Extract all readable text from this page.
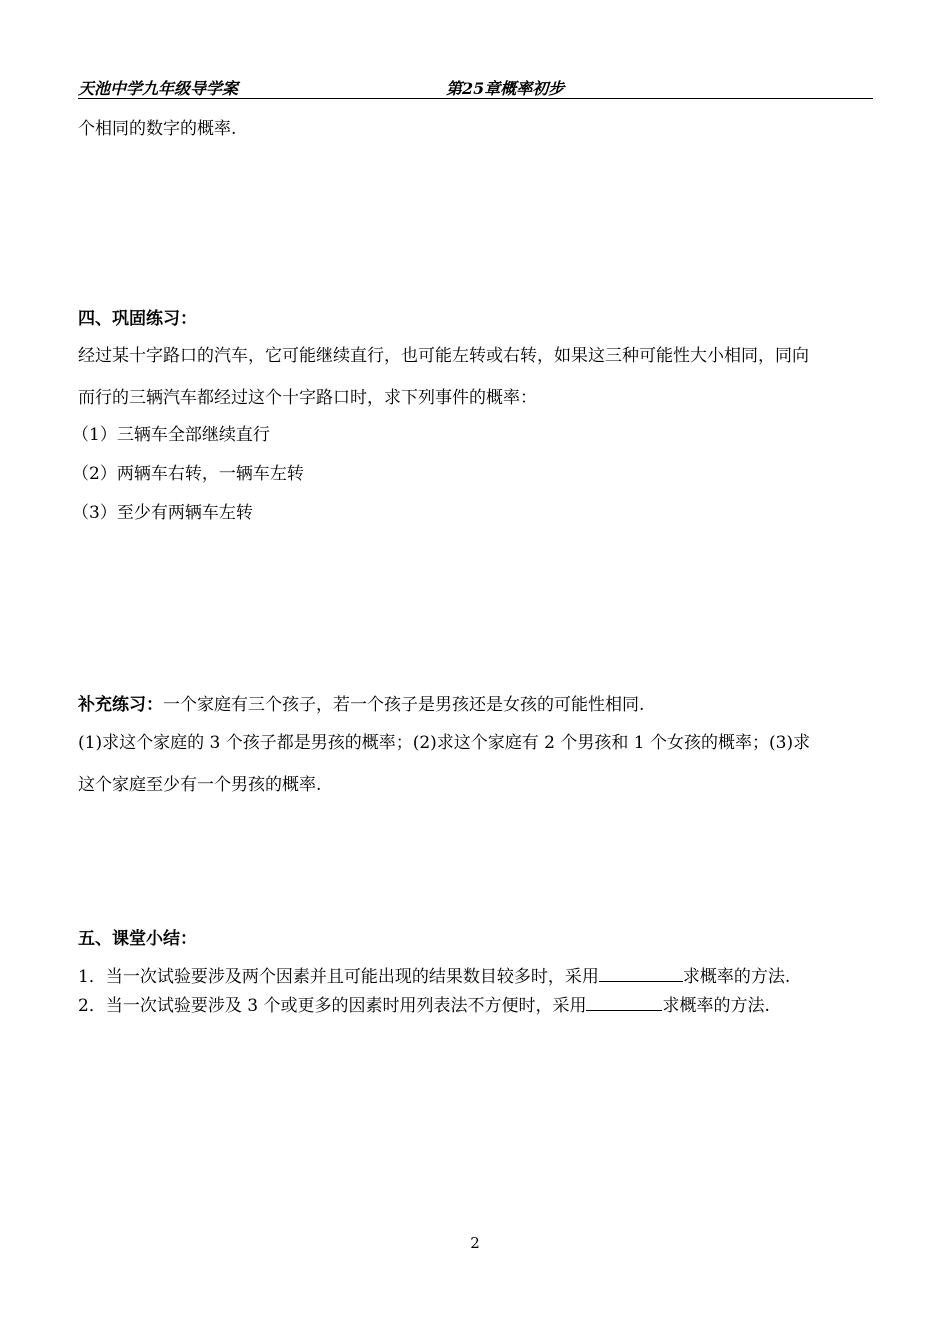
天池中学九年级导学案	第25章概率初步
个相同的数字的概率.
四、巩固练习：
经过某十字路口的汽车，它可能继续直行，也可能左转或右转，如果这三种可能性大小相同，同向
而行的三辆汽车都经过这个十字路口时，求下列事件的概率：
（1）三辆车全部继续直行
（2）两辆车右转，一辆车左转
（3）至少有两辆车左转
补充练习：一个家庭有三个孩子，若一个孩子是男孩还是女孩的可能性相同.
(1)求这个家庭的 3 个孩子都是男孩的概率；(2)求这个家庭有 2 个男孩和 1 个女孩的概率；(3)求
这个家庭至少有一个男孩的概率.
五、课堂小结：
1．当一次试验要涉及两个因素并且可能出现的结果数目较多时，采用	求概率的方法.
2．当一次试验要涉及 3 个或更多的因素时用列表法不方便时，采用	求概率的方法.
2
